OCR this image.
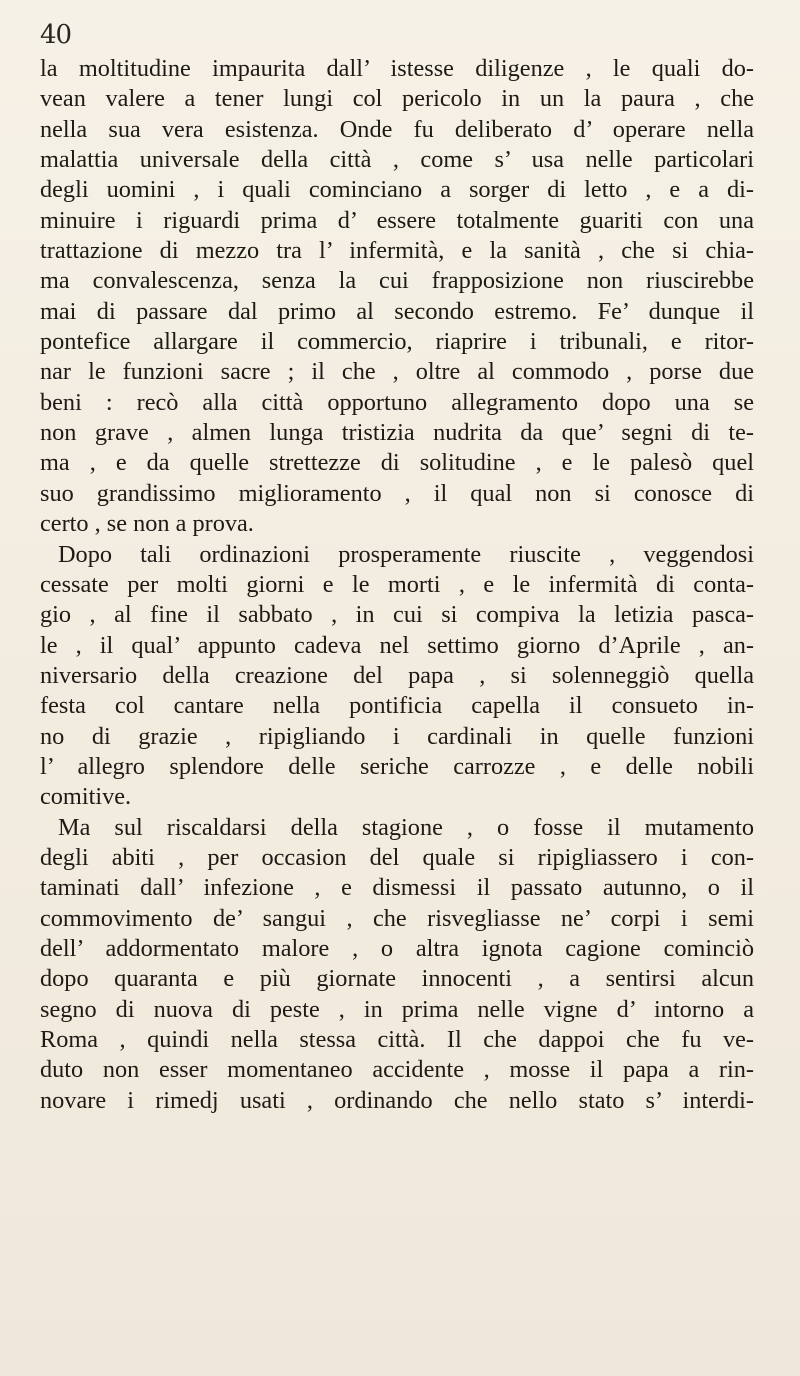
40
la moltitudine impaurita dall’ istesse diligenze , le quali do-
vean valere a tener lungi col pericolo in un la paura , che
nella sua vera esistenza. Onde fu deliberato d’ operare nella
malattia universale della città , come s’ usa nelle particolari
degli uomini , i quali cominciano a sorger di letto , e a di-
minuire i riguardi prima d’ essere totalmente guariti con una
trattazione di mezzo tra l’ infermità, e la sanità , che si chia-
ma convalescenza, senza la cui frapposizione non riuscirebbe
mai di passare dal primo al secondo estremo. Fe’ dunque il
pontefice allargare il commercio, riaprire i tribunali, e ritor-
nar le funzioni sacre ; il che , oltre al commodo , porse due
beni : recò alla città opportuno allegramento dopo una se
non grave , almen lunga tristizia nudrita da que’ segni di te-
ma , e da quelle strettezze di solitudine , e le palesò quel
suo grandissimo miglioramento , il qual non si conosce di
certo , se non a prova.
Dopo tali ordinazioni prosperamente riuscite , veggendosi
cessate per molti giorni e le morti , e le infermità di conta-
gio , al fine il sabbato , in cui si compiva la letizia pasca-
le , il qual’ appunto cadeva nel settimo giorno d’Aprile , an-
niversario della creazione del papa , si solenneggiò quella
festa col cantare nella pontificia capella il consueto in-
no di grazie , ripigliando i cardinali in quelle funzioni
l’ allegro splendore delle seriche carrozze , e delle nobili
comitive.
Ma sul riscaldarsi della stagione , o fosse il mutamento
degli abiti , per occasion del quale si ripigliassero i con-
taminati dall’ infezione , e dismessi il passato autunno, o il
commovimento de’ sangui , che risvegliasse ne’ corpi i semi
dell’ addormentato malore , o altra ignota cagione cominciò
dopo quaranta e più giornate innocenti , a sentirsi alcun
segno di nuova di peste , in prima nelle vigne d’ intorno a
Roma , quindi nella stessa città. Il che dappoi che fu ve-
duto non esser momentaneo accidente , mosse il papa a rin-
novare i rimedj usati , ordinando che nello stato s’ interdi-
